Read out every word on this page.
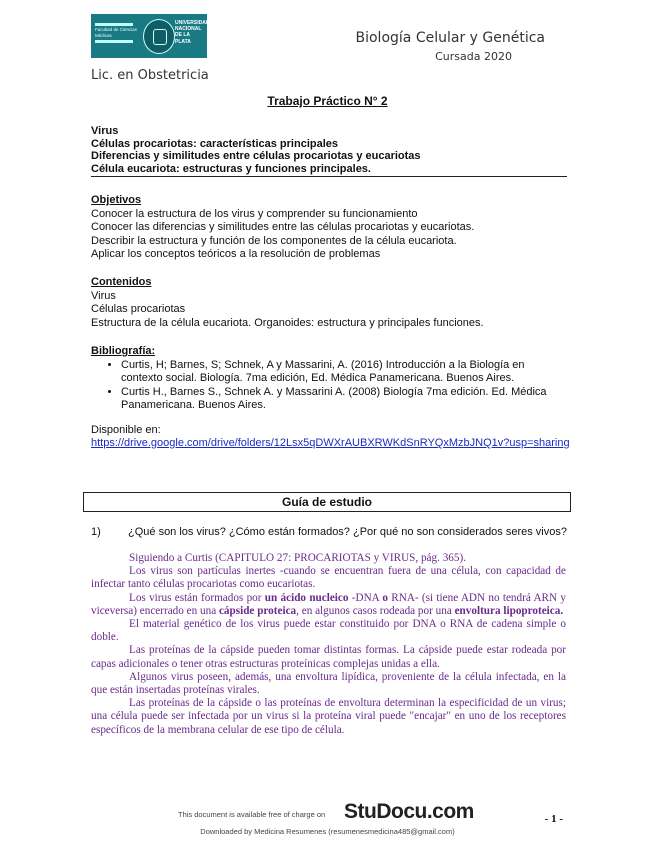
Facultad de Ciencias Médicas
UNIVERSIDAD NACIONAL DE LA PLATA	Biología Celular y Genética
Cursada 2020
Lic. en Obstetricia
Trabajo Práctico N° 2
Virus
Células procariotas: características principales
Diferencias y similitudes entre células procariotas y eucariotas
Célula eucariota: estructuras y funciones principales.
Objetivos
Conocer la estructura de los virus y comprender su funcionamiento
Conocer las diferencias y similitudes entre las células procariotas y eucariotas.
Describir la estructura y función de los componentes de la célula eucariota.
Aplicar los conceptos teóricos a la resolución de problemas
Contenidos
Virus
Células procariotas
Estructura de la célula eucariota. Organoides: estructura y principales funciones.
Bibliografía:
• Curtis, H; Barnes, S; Schnek, A y Massarini, A. (2016) Introducción a la Biología en contexto social. Biología. 7ma edición, Ed. Médica Panamericana. Buenos Aires.
• Curtis H., Barnes S., Schnek A. y Massarini A. (2008) Biología 7ma edición. Ed. Médica Panamericana. Buenos Aires.
Disponible en:
https://drive.google.com/drive/folders/12Lsx5qDWXrAUBXRWKdSnRYQxMzbJNQ1v?usp=sharing
Guía de estudio
1) ¿Qué son los virus? ¿Cómo están formados? ¿Por qué no son considerados seres vivos?

Siguiendo a Curtis (CAPITULO 27: PROCARIOTAS y VIRUS, pág. 365).

Los virus son partículas inertes -cuando se encuentran fuera de una célula, con capacidad de infectar tanto células procariotas como eucariotas.

Los virus están formados por un ácido nucleico -DNA o RNA- (si tiene ADN no tendrá ARN y viceversa) encerrado en una cápside proteica, en algunos casos rodeada por una envoltura lipoproteica.

El material genético de los virus puede estar constituido por DNA o RNA de cadena simple o doble.

Las proteínas de la cápside pueden tomar distintas formas. La cápside puede estar rodeada por capas adicionales o tener otras estructuras proteínicas complejas unidas a ella.

Algunos virus poseen, además, una envoltura lipídica, proveniente de la célula infectada, en la que están insertadas proteínas virales.

Las proteínas de la cápside o las proteínas de envoltura determinan la especificidad de un virus; una célula puede ser infectada por un virus si la proteína viral puede "encajar" en uno de los receptores específicos de la membrana celular de ese tipo de célula.

This document is available free of charge on StuDocu.com	- 1 -
Downloaded by Medicina Resumenes (resumenesmedicina485@gmail.com)
